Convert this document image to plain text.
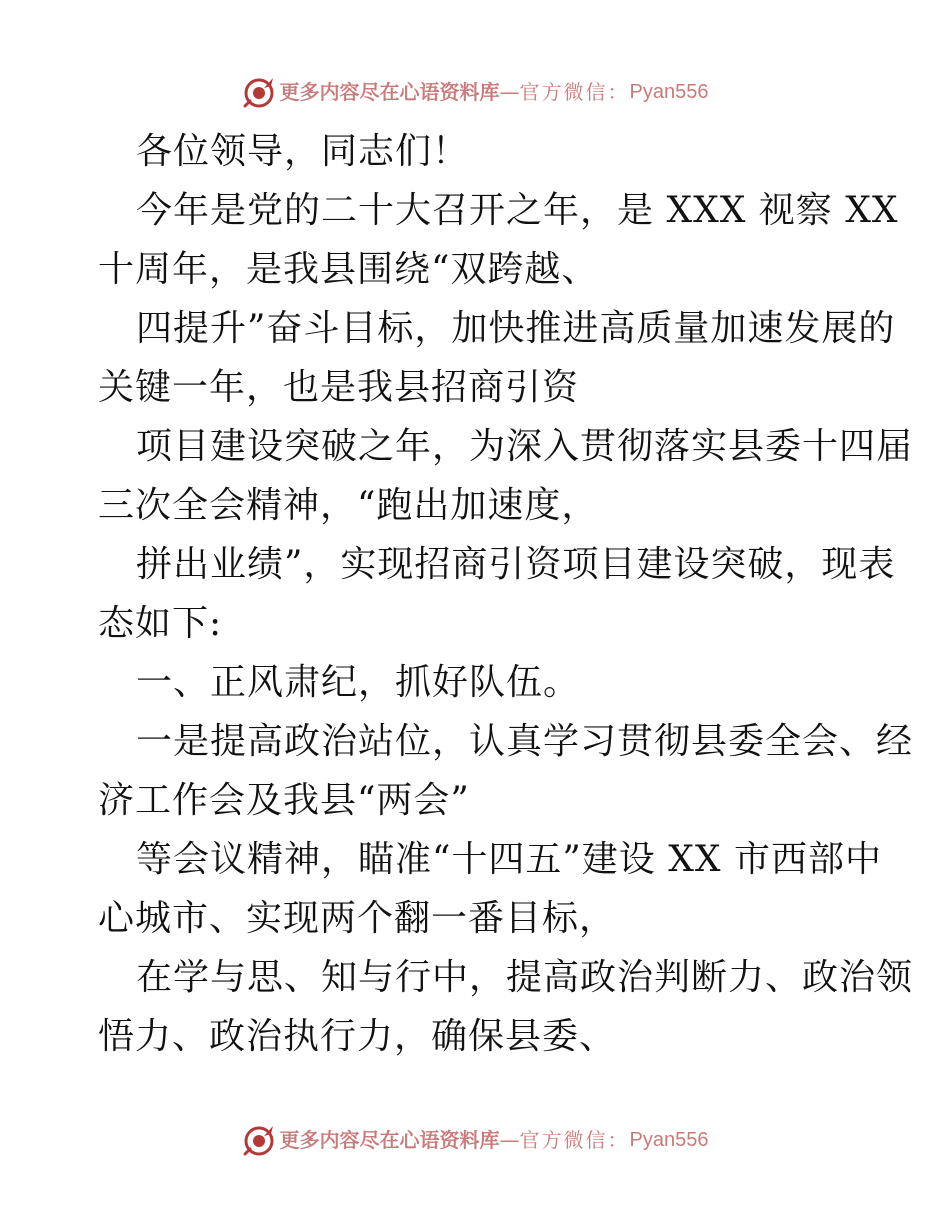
更多内容尽在心语资料库 — 官方微信： Pyan556
各位领导，同志们！
今年是党的二十大召开之年，是 XXX 视察 XX
十周年，是我县围绕“双跨越、
四提升”奋斗目标，加快推进高质量加速发展的
关键一年，也是我县招商引资
项目建设突破之年，为深入贯彻落实县委十四届
三次全会精神，“跑出加速度，
拼出业绩”，实现招商引资项目建设突破，现表
态如下:
一、正风肃纪，抓好队伍。
一是提高政治站位，认真学习贯彻县委全会、经
济工作会及我县“两会”
等会议精神，瞄准“十四五”建设 XX 市西部中
心城市、实现两个翻一番目标，
在学与思、知与行中，提高政治判断力、政治领
悟力、政治执行力，确保县委、
更多内容尽在心语资料库 — 官方微信： Pyan556
